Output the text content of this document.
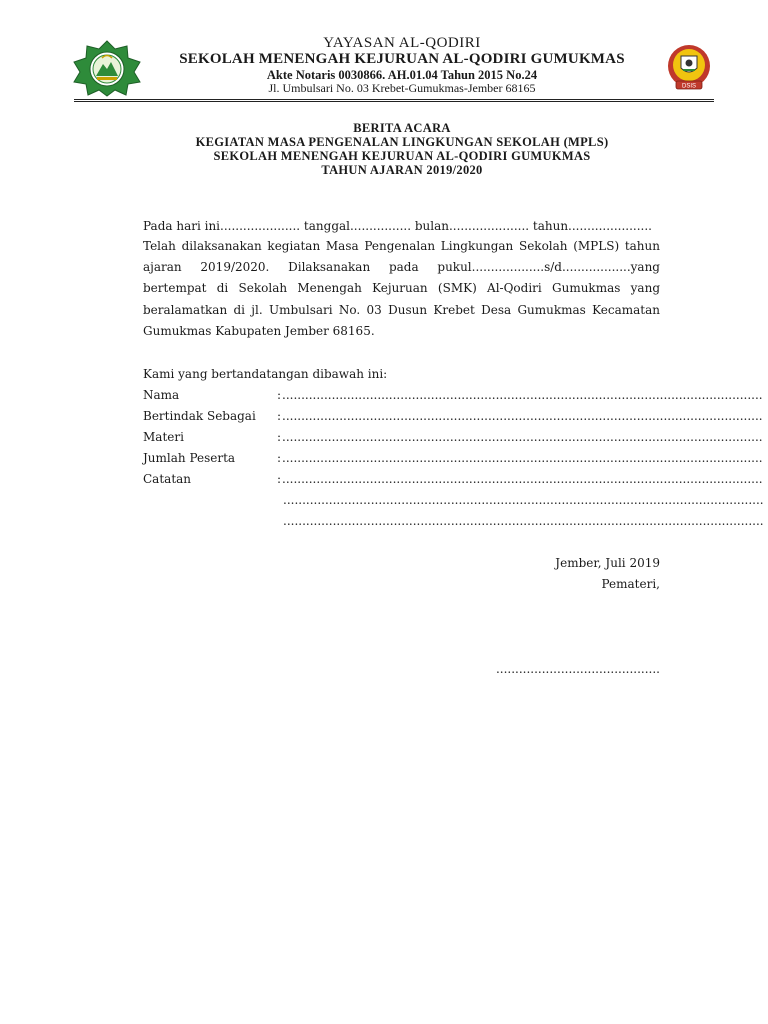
DSIS
YAYASAN AL-QODIRI
SEKOLAH MENENGAH KEJURUAN AL-QODIRI GUMUKMAS
Akte Notaris 0030866. AH.01.04 Tahun 2015 No.24
Jl. Umbulsari No. 03 Krebet-Gumukmas-Jember 68165
BERITA ACARA
KEGIATAN MASA PENGENALAN LINGKUNGAN SEKOLAH (MPLS)
SEKOLAH MENENGAH KEJURUAN AL-QODIRI GUMUKMAS
TAHUN AJARAN 2019/2020
Pada hari ini..................... tanggal................ bulan..................... tahun......................
Telah dilaksanakan kegiatan Masa Pengenalan Lingkungan Sekolah (MPLS) tahun ajaran 2019/2020. Dilaksanakan pada pukul...................s/d..................yang bertempat di Sekolah Menengah Kejuruan (SMK) Al-Qodiri Gumukmas yang beralamatkan di jl. Umbulsari No. 03 Dusun Krebet Desa Gumukmas Kecamatan Gumukmas Kabupaten Jember 68165.
Kami yang bertandatangan dibawah ini:
Nama	: ..............................................................................................................................
Bertindak Sebagai : ..............................................................................................................................
Materi	: ..............................................................................................................................
Jumlah Peserta	: ..............................................................................................................................
Catatan	: ..............................................................................................................................
..............................................................................................................................
..............................................................................................................................
Jember, Juli 2019
Pemateri,
...........................................
